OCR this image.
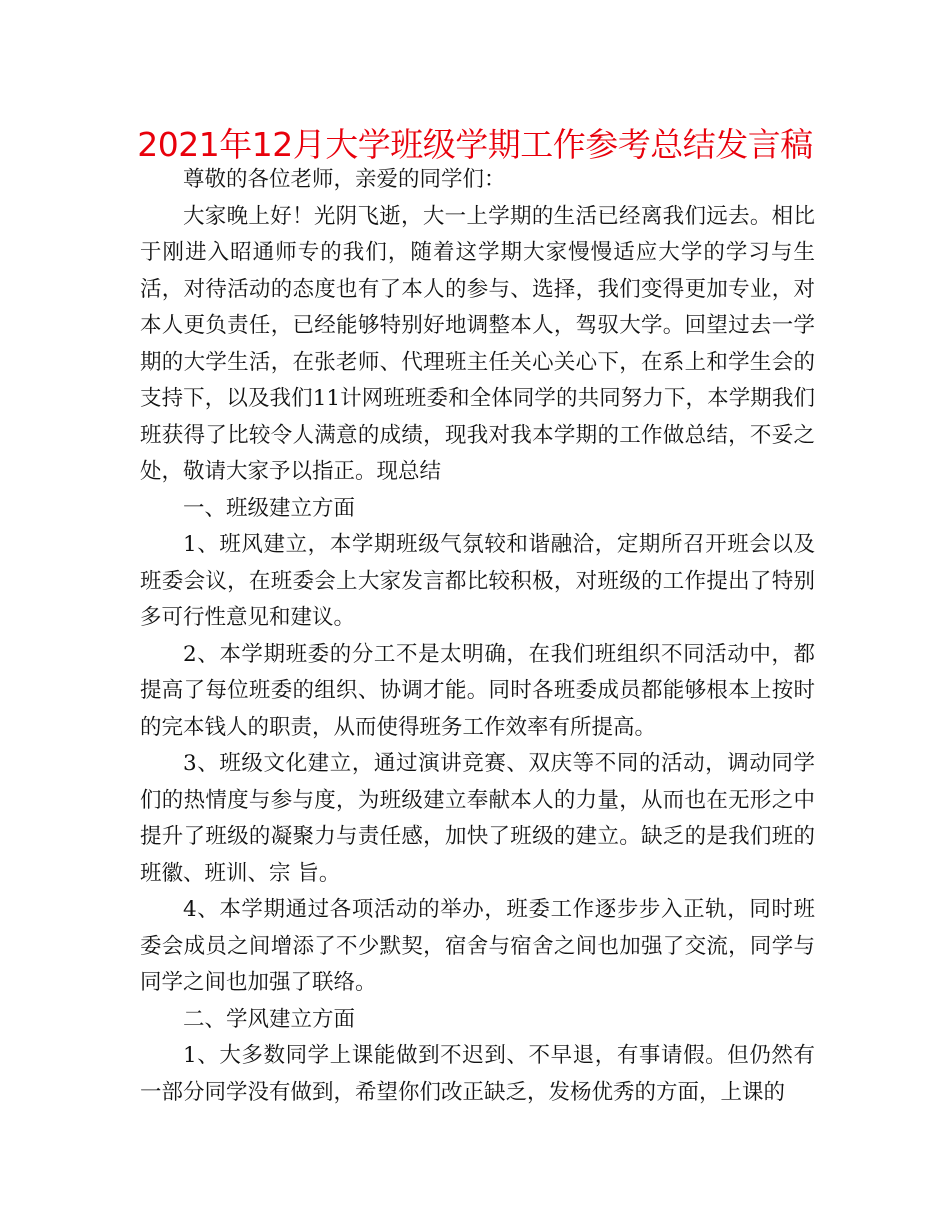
2021年12月大学班级学期工作参考总结发言稿

尊敬的各位老师，亲爱的同学们：

大家晚上好！光阴飞逝，大一上学期的生活已经离我们远去。相比于刚进入昭通师专的我们，随着这学期大家慢慢适应大学的学习与生活，对待活动的态度也有了本人的参与、选择，我们变得更加专业，对本人更负责任，已经能够特别好地调整本人，驾驭大学。回望过去一学期的大学生活，在张老师、代理班主任关心关心下，在系上和学生会的支持下，以及我们11计网班班委和全体同学的共同努力下，本学期我们班获得了比较令人满意的成绩，现我对我本学期的工作做总结，不妥之处，敬请大家予以指正。现总结

一、班级建立方面

1、班风建立，本学期班级气氛较和谐融洽，定期所召开班会以及班委会议，在班委会上大家发言都比较积极，对班级的工作提出了特别多可行性意见和建议。

2、本学期班委的分工不是太明确，在我们班组织不同活动中，都提高了每位班委的组织、协调才能。同时各班委成员都能够根本上按时的完本钱人的职责，从而使得班务工作效率有所提高。

3、班级文化建立，通过演讲竞赛、双庆等不同的活动，调动同学们的热情度与参与度，为班级建立奉献本人的力量，从而也在无形之中提升了班级的凝聚力与责任感，加快了班级的建立。缺乏的是我们班的班徽、班训、宗 旨。

4、本学期通过各项活动的举办，班委工作逐步步入正轨，同时班委会成员之间增添了不少默契，宿舍与宿舍之间也加强了交流，同学与同学之间也加强了联络。

二、学风建立方面

1、大多数同学上课能做到不迟到、不早退，有事请假。但仍然有一部分同学没有做到，希望你们改正缺乏，发杨优秀的方面，上课的
